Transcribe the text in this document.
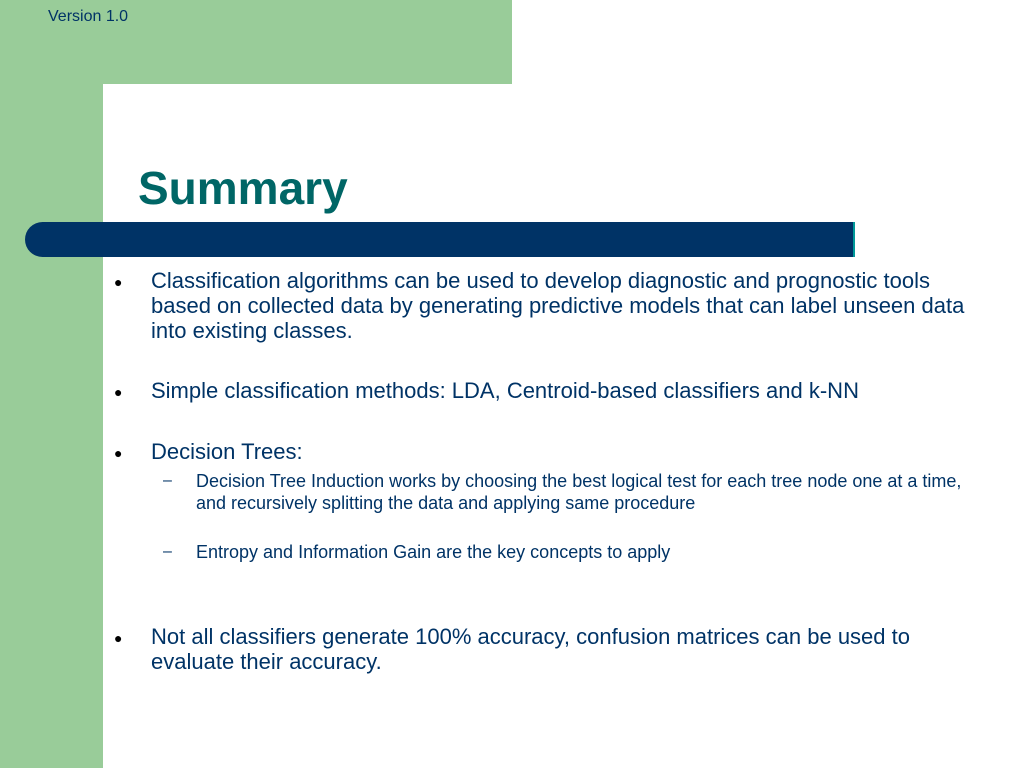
Version 1.0
Summary
● Classification algorithms can be used to develop diagnostic and prognostic tools based on collected data by generating predictive models that can label unseen data into existing classes.

● Simple classification methods: LDA, Centroid-based classifiers and k-NN

● Decision Trees:

– Decision Tree Induction works by choosing the best logical test for each tree node one at a time, and recursively splitting the data and applying same procedure

– Entropy and Information Gain are the key concepts to apply

● Not all classifiers generate 100% accuracy, confusion matrices can be used to evaluate their accuracy.
